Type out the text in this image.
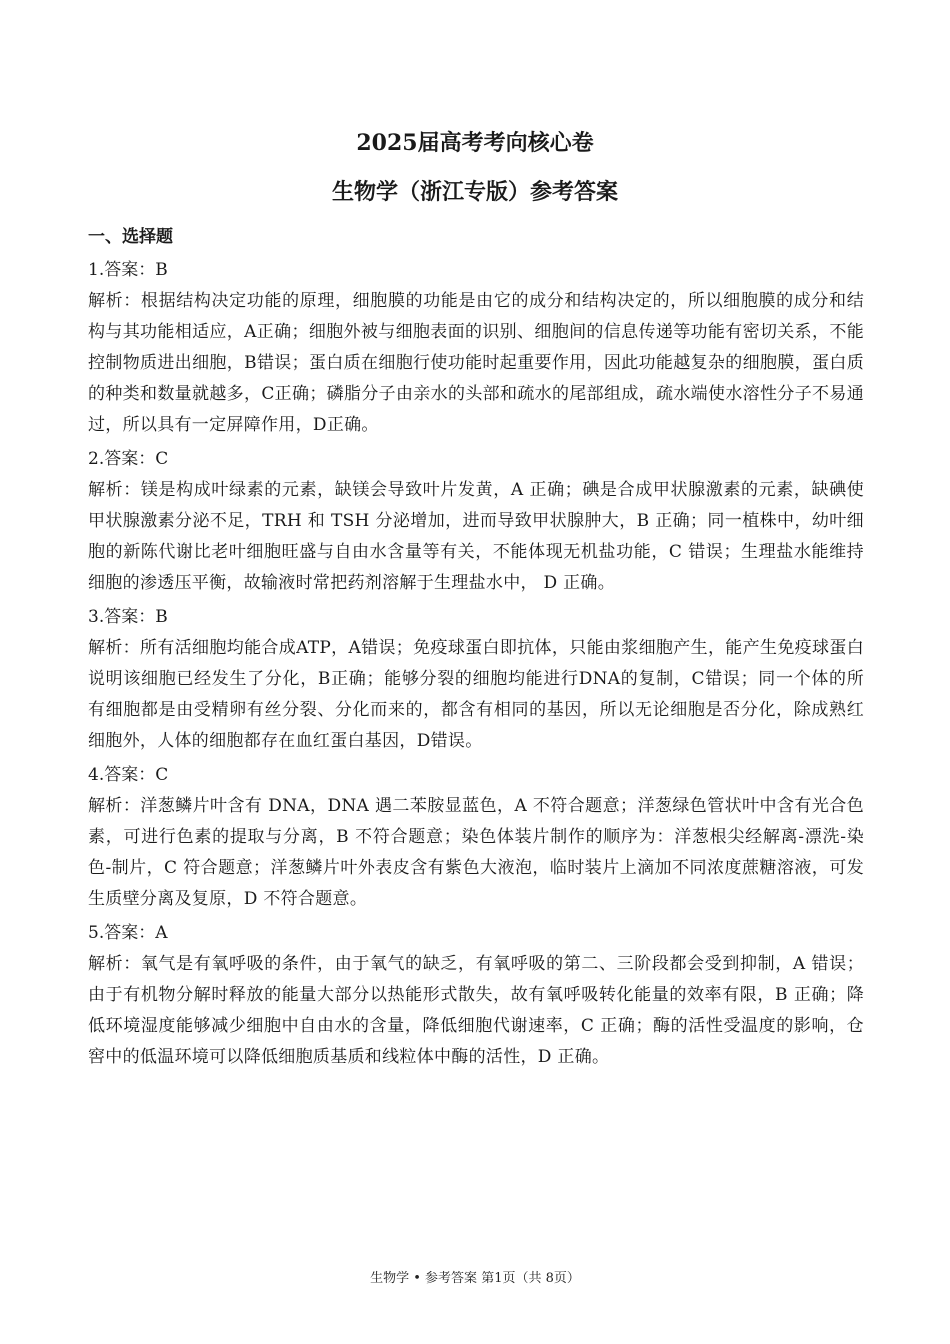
2025届高考考向核心卷
生物学（浙江专版）参考答案
一、选择题

1.答案：B

解析：根据结构决定功能的原理，细胞膜的功能是由它的成分和结构决定的，所以细胞膜的成分和结构与其功能相适应，A正确；细胞外被与细胞表面的识别、细胞间的信息传递等功能有密切关系，不能控制物质进出细胞，B错误；蛋白质在细胞行使功能时起重要作用，因此功能越复杂的细胞膜，蛋白质的种类和数量就越多，C正确；磷脂分子由亲水的头部和疏水的尾部组成，疏水端使水溶性分子不易通过，所以具有一定屏障作用，D正确。

2.答案：C

解析：镁是构成叶绿素的元素，缺镁会导致叶片发黄，A 正确；碘是合成甲状腺激素的元素，缺碘使甲状腺激素分泌不足，TRH 和 TSH 分泌增加，进而导致甲状腺肿大，B 正确；同一植株中，幼叶细胞的新陈代谢比老叶细胞旺盛与自由水含量等有关，不能体现无机盐功能，C 错误；生理盐水能维持细胞的渗透压平衡，故输液时常把药剂溶解于生理盐水中， D 正确。

3.答案：B

解析：所有活细胞均能合成ATP，A错误；免疫球蛋白即抗体，只能由浆细胞产生，能产生免疫球蛋白说明该细胞已经发生了分化，B正确；能够分裂的细胞均能进行DNA的复制，C错误；同一个体的所有细胞都是由受精卵有丝分裂、分化而来的，都含有相同的基因，所以无论细胞是否分化，除成熟红细胞外，人体的细胞都存在血红蛋白基因，D错误。

4.答案：C

解析：洋葱鳞片叶含有 DNA，DNA 遇二苯胺显蓝色，A 不符合题意；洋葱绿色管状叶中含有光合色素，可进行色素的提取与分离，B 不符合题意；染色体装片制作的顺序为：洋葱根尖经解离-漂洗-染色-制片，C 符合题意；洋葱鳞片叶外表皮含有紫色大液泡，临时装片上滴加不同浓度蔗糖溶液，可发生质壁分离及复原，D 不符合题意。

5.答案：A

解析：氧气是有氧呼吸的条件，由于氧气的缺乏，有氧呼吸的第二、三阶段都会受到抑制，A 错误；由于有机物分解时释放的能量大部分以热能形式散失，故有氧呼吸转化能量的效率有限，B 正确；降低环境湿度能够减少细胞中自由水的含量，降低细胞代谢速率，C 正确；酶的活性受温度的影响，仓窖中的低温环境可以降低细胞质基质和线粒体中酶的活性，D 正确。

生物学 • 参考答案 第1页（共 8页）
